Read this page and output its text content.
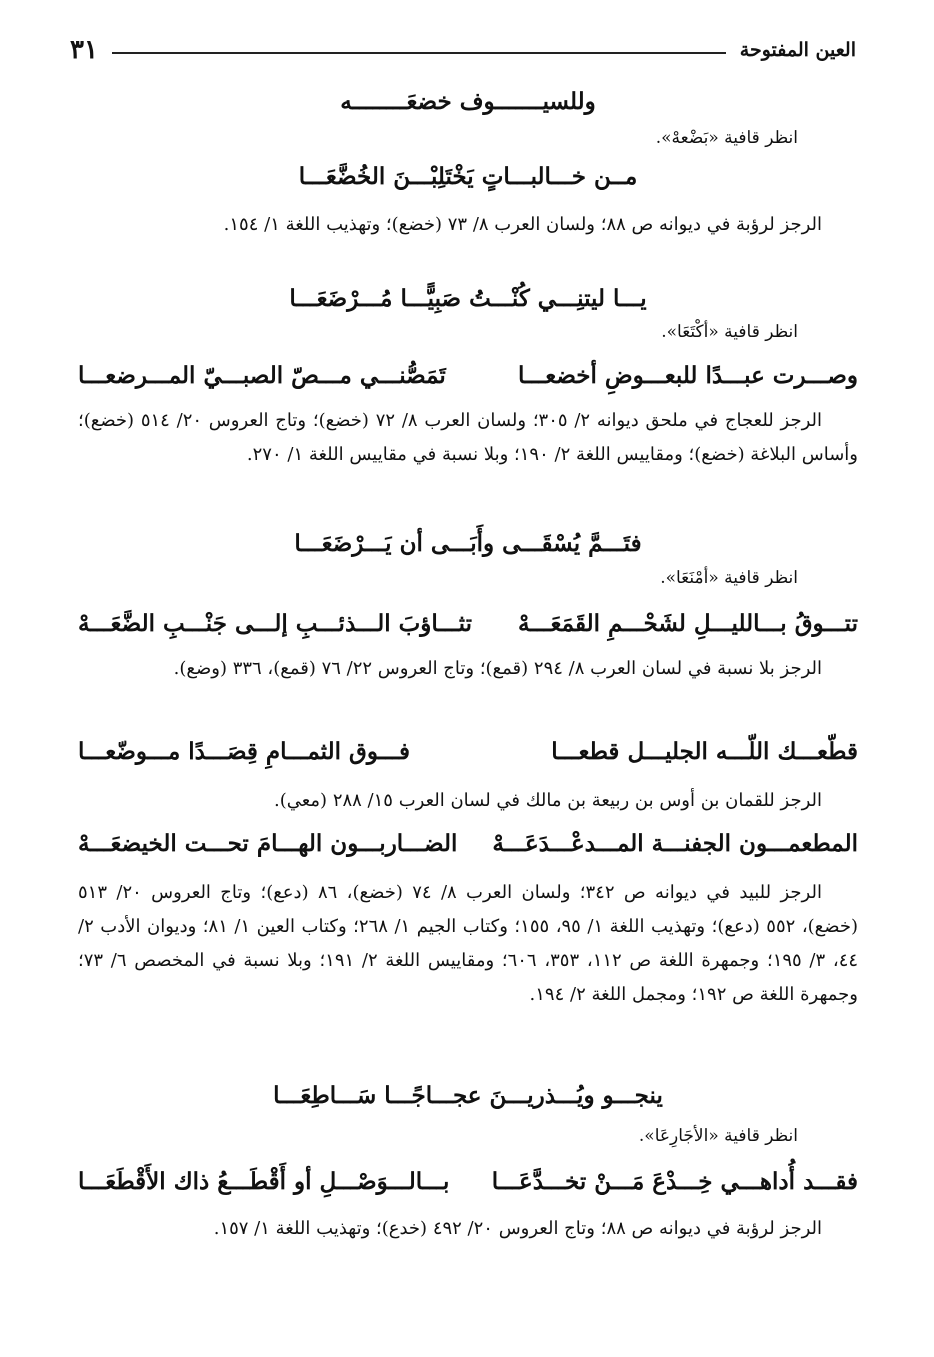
العين المفتوحة
٣١

وللسيـــــــوف خضعَــــــــه

انظر قافية «بَضْعهْ».

مــن خـــالبـــاتٍ يَخْتَلِبْـــنَ الخُضَّعَـــا

الرجز لرؤبة في ديوانه ص ٨٨؛ ولسان العرب ٨/ ٧٣ (خضع)؛ وتهذيب اللغة ١/ ١٥٤.

يـــا ليتنِـــي كُنْـــتُ صَبِيًّـــا مُـــرْضَعَـــا

انظر قافية «أكْتَعَا».

وصـــرت عبـــدًا للبعـــوضِ أخضعـــا
تَمَصُّنـــي مـــصّ الصبـــيّ المـــرضعـــا

الرجز للعجاج في ملحق ديوانه ٢/ ٣٠٥؛ ولسان العرب ٨/ ٧٢ (خضع)؛ وتاج العروس ٢٠/ ٥١٤ (خضع)؛ وأساس البلاغة (خضع)؛ ومقاييس اللغة ٢/ ١٩٠؛ وبلا نسبة في مقاييس اللغة ١/ ٢٧٠.

فتَـــمَّ يُسْقَـــى وأَبَـــى أن يَـــرْضَعَـــا

انظر قافية «أمْنَعَا».

تتـــوقُ بـــالليـــلِ لشَحْـــمِ القَمَعَـــهْ
تثـــاؤبَ الـــذئـــبِ إلـــى جَنْـــبِ الضَّعَـــهْ

الرجز بلا نسبة في لسان العرب ٨/ ٢٩٤ (قمع)؛ وتاج العروس ٢٢/ ٧٦ (قمع)، ٣٣٦ (وضع).

قطّعـــك اللّـــه الجليـــل قطعـــا
فـــوق الثمـــامِ قِصَـــدًا مـــوضّعـــا

الرجز للقمان بن أوس بن ربيعة بن مالك في لسان العرب ١٥/ ٢٨٨ (معي).

المطعمـــون الجفنـــة المـــدعْـــدَعَـــهْ
الضـــاربـــون الهـــامَ تحـــت الخيضعَـــهْ

الرجز للبيد في ديوانه ص ٣٤٢؛ ولسان العرب ٨/ ٧٤ (خضع)، ٨٦ (دعع)؛ وتاج العروس ٢٠/ ٥١٣ (خضع)، ٥٥٢ (دعع)؛ وتهذيب اللغة ١/ ٩٥، ١٥٥؛ وكتاب الجيم ١/ ٢٦٨؛ وكتاب العين ١/ ٨١؛ وديوان الأدب ٢/ ٤٤، ٣/ ١٩٥؛ وجمهرة اللغة ص ١١٢، ٣٥٣، ٦٠٦؛ ومقاييس اللغة ٢/ ١٩١؛ وبلا نسبة في المخصص ٦/ ٧٣؛ وجمهرة اللغة ص ١٩٢؛ ومجمل اللغة ٢/ ١٩٤.

ينجـــو ويُـــذريـــنَ عجـــاجًـــا سَـــاطِعَـــا

انظر قافية «الأجَارِعَا».

فقـــد أُداهـــي خِـــدْعَ مَـــنْ تخـــدَّعَـــا
بـــالـــوَصْـــلِ أو أَقْطَـــعُ ذاك الأَقْطَعَـــا

الرجز لرؤبة في ديوانه ص ٨٨؛ وتاج العروس ٢٠/ ٤٩٢ (خدع)؛ وتهذيب اللغة ١/ ١٥٧.
